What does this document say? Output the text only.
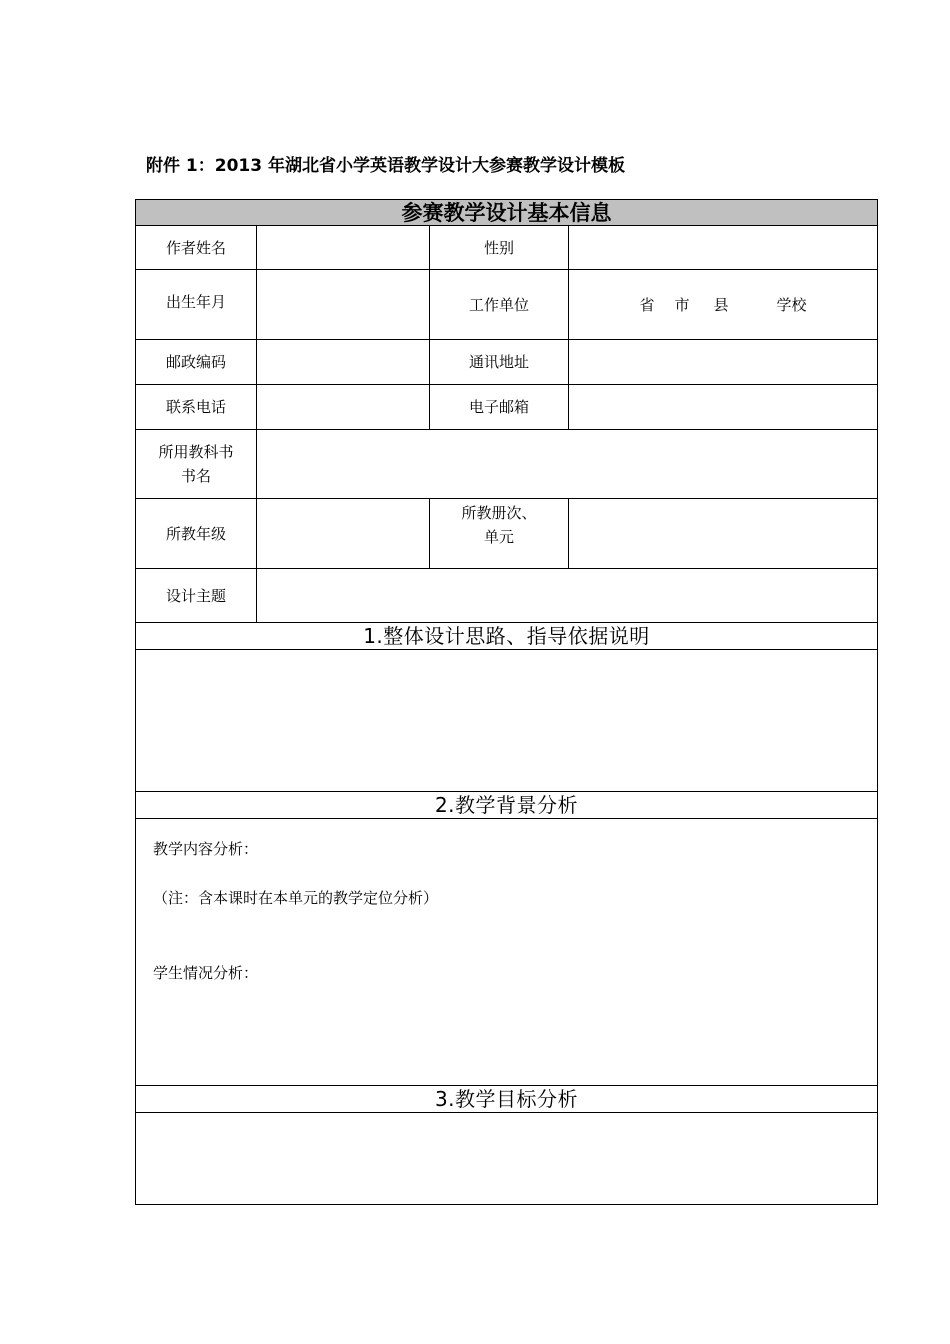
附件 1：2013 年湖北省小学英语教学设计大参赛教学设计模板
参赛教学设计基本信息			
作者姓名		性别	
出生年月		工作单位	省 市 县 学校

邮政编码		通讯地址	
联系电话		电子邮箱	

所用教科书
书名			

所教年级		所教册次、
单元	

设计主题			
1.整体设计思路、指导依据说明			

2.教学背景分析			

教学内容分析：
（注：含本课时在本单元的教学定位分析）
学生情况分析：			

3.教学目标分析			
